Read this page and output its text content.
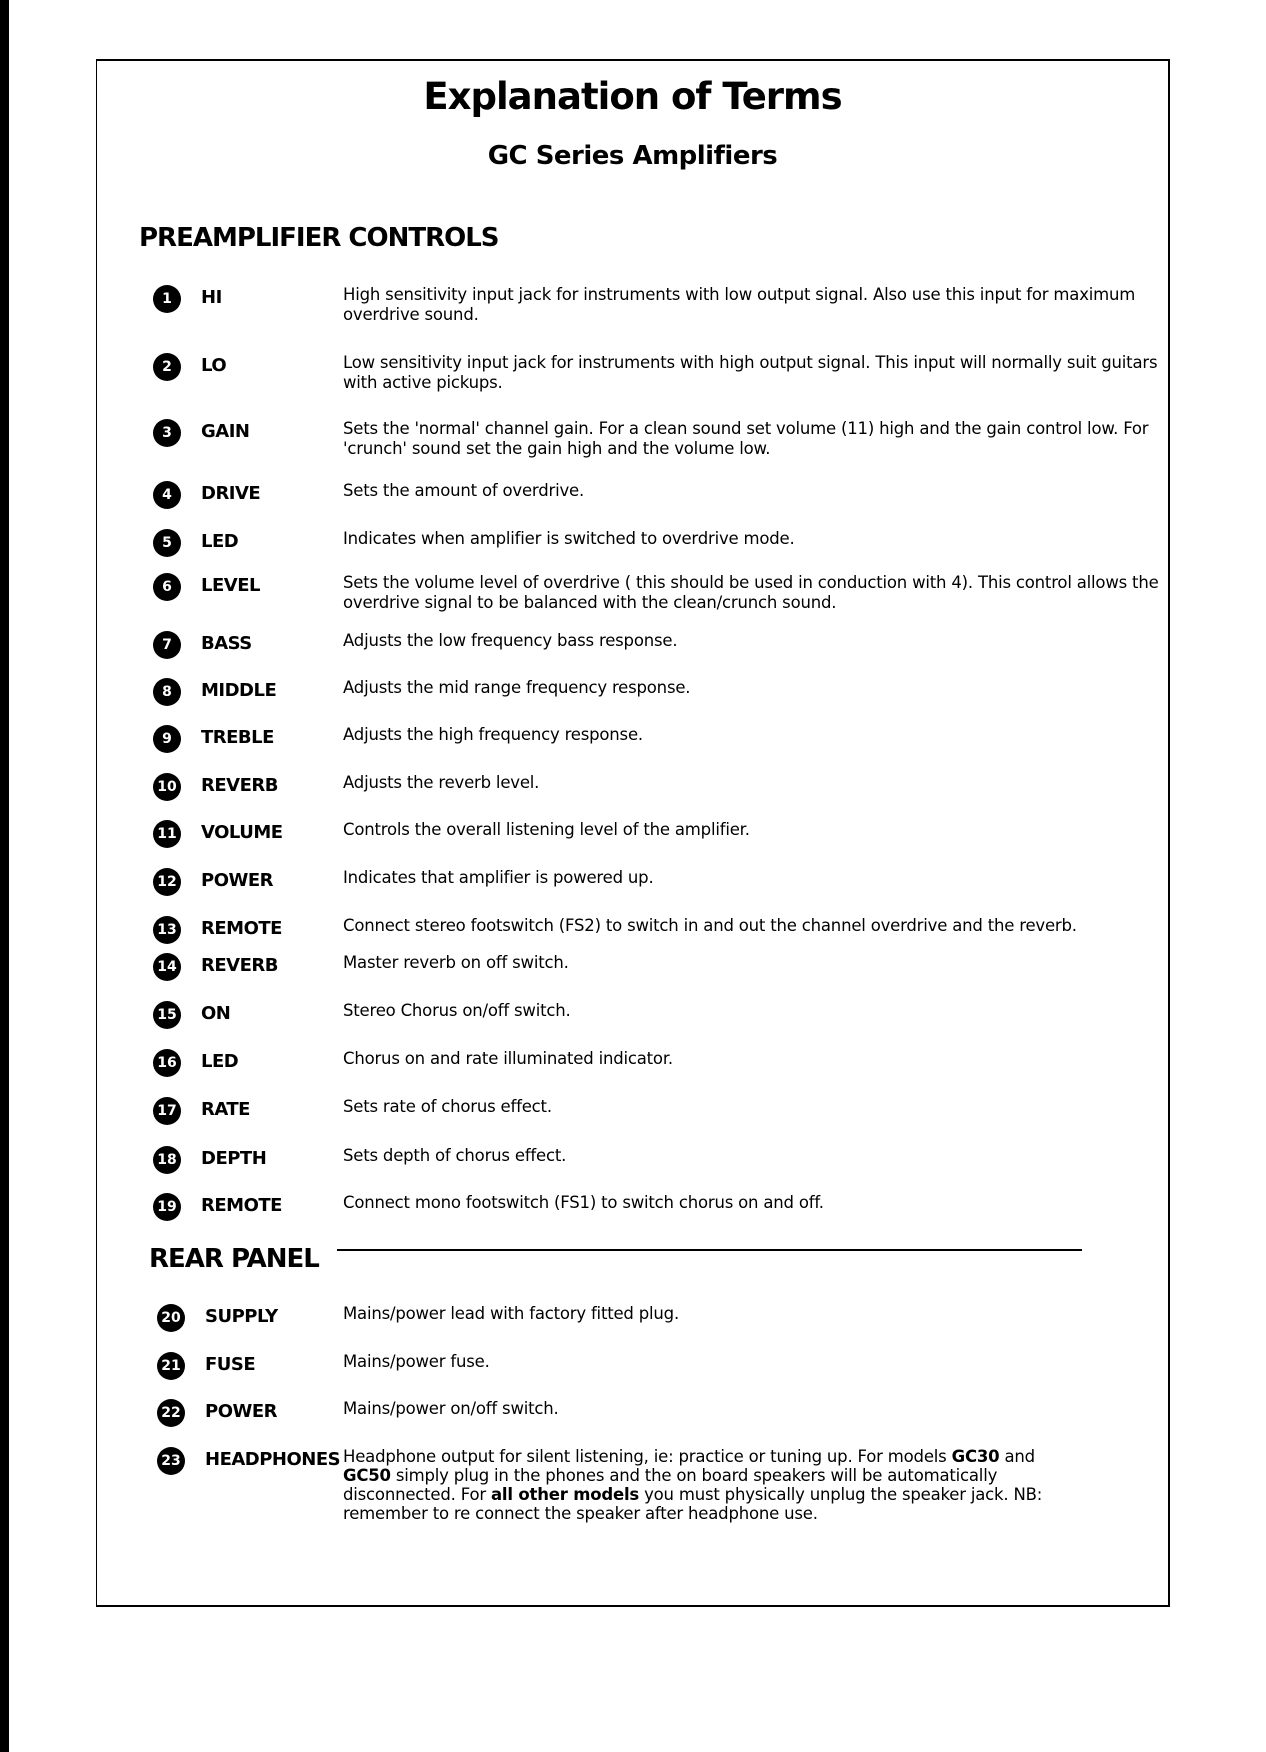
Explanation of Terms
GC Series Amplifiers
PREAMPLIFIER CONTROLS
1	HI	High sensitivity input jack for instruments with low output signal. Also use this input for maximum overdrive sound.
2	LO	Low sensitivity input jack for instruments with high output signal. This input will normally suit guitars with active pickups.
3	GAIN	Sets the 'normal' channel gain. For a clean sound set volume (11) high and the gain control low. For 'crunch' sound set the gain high and the volume low.
4	DRIVE	Sets the amount of overdrive.
5	LED	Indicates when amplifier is switched to overdrive mode.
6	LEVEL	Sets the volume level of overdrive ( this should be used in conduction with 4). This control allows the overdrive signal to be balanced with the clean/crunch sound.
7	BASS	Adjusts the low frequency bass response.
8	MIDDLE	Adjusts the mid range frequency response.
9	TREBLE	Adjusts the high frequency response.
10 REVERB	Adjusts the reverb level.
11 VOLUME	Controls the overall listening level of the amplifier.
12 POWER	Indicates that amplifier is powered up.
13 REMOTE	Connect stereo footswitch (FS2) to switch in and out the channel overdrive and the reverb.
14 REVERB	Master reverb on off switch.
15 ON	Stereo Chorus on/off switch.
16 LED	Chorus on and rate illuminated indicator.
17 RATE	Sets rate of chorus effect.
18 DEPTH	Sets depth of chorus effect.
19 REMOTE	Connect mono footswitch (FS1) to switch chorus on and off.
REAR PANEL
20 SUPPLY	Mains/power lead with factory fitted plug.
21 FUSE	Mains/power fuse.
22 POWER	Mains/power on/off switch.
23 HEADPHONES Headphone output for silent listening, ie: practice or tuning up. For models GC30 and GC50 simply plug in the phones and the on board speakers will be automatically disconnected. For all other models you must physically unplug the speaker jack. NB: remember to re connect the speaker after headphone use.
